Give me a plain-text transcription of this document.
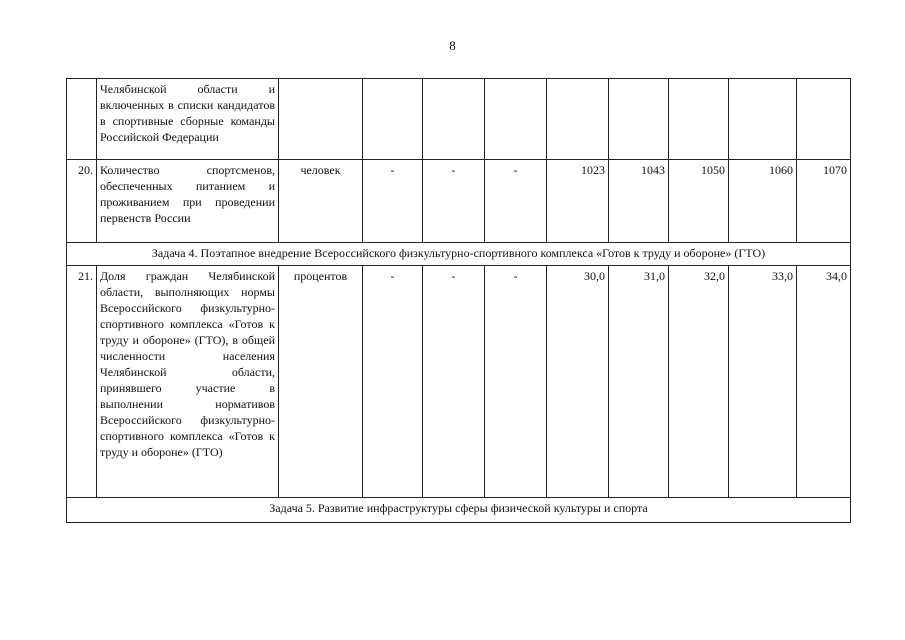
8
	Челябинской области и включенных в списки кандидатов в спортивные сборные команды Российской Федерации									
20.	Количество спортсменов, обеспеченных питанием и проживанием при проведении первенств России	человек	-	-	-	1023	1043	1050	1060	1070
Задача 4. Поэтапное внедрение Всероссийского физкультурно-спортивного комплекса «Готов к труду и обороне» (ГТО)										
21.	Доля граждан Челябинской области, выполняющих нормы Всероссийского физкультурно-спортивного комплекса «Готов к труду и обороне» (ГТО), в общей численности населения Челябинской области, принявшего участие в выполнении нормативов Всероссийского физкультурно-спортивного комплекса «Готов к труду и обороне» (ГТО)	процентов	-	-	-	30,0	31,0	32,0	33,0	34,0
Задача 5. Развитие инфраструктуры сферы физической культуры и спорта										
